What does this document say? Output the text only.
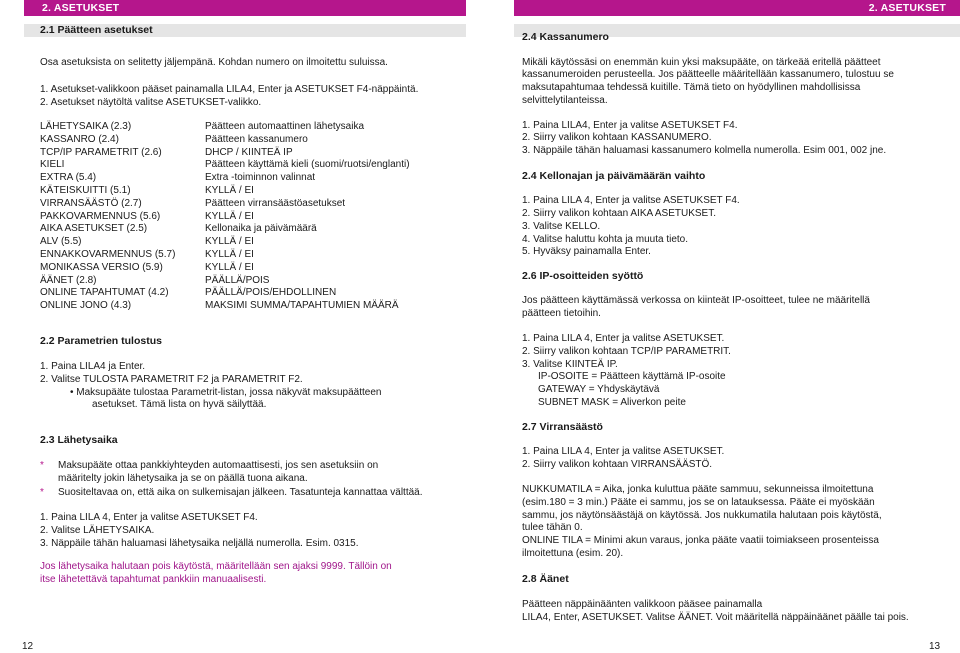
2. ASETUKSET
2.1 Päätteen asetukset
Osa asetuksista on selitetty jäljempänä. Kohdan numero on ilmoitettu suluissa.
1. Asetukset-valikkoon pääset painamalla LILA4, Enter ja ASETUKSET F4-näppäintä.
2. Asetukset näytöltä valitse ASETUKSET-valikko.
LÄHETYSAIKA (2.3)	Päätteen automaattinen lähetysaika
KASSANRO (2.4)	Päätteen kassanumero
TCP/IP PARAMETRIT (2.6)	DHCP / KIINTEÄ IP
KIELI	Päätteen käyttämä kieli (suomi/ruotsi/englanti)
EXTRA (5.4)	Extra -toiminnon valinnat
KÄTEISKUITTI (5.1)	KYLLÄ / EI
VIRRANSÄÄSTÖ (2.7)	Päätteen virransäästöasetukset
PAKKOVARMENNUS (5.6)	KYLLÄ / EI
AIKA ASETUKSET (2.5)	Kellonaika ja päivämäärä
ALV (5.5)	KYLLÄ / EI
ENNAKKOVARMENNUS (5.7)	KYLLÄ / EI
MONIKASSA VERSIO (5.9)	KYLLÄ / EI
ÄÄNET (2.8)	PÄÄLLÄ/POIS
ONLINE TAPAHTUMAT (4.2)	PÄÄLLÄ/POIS/EHDOLLINEN
ONLINE JONO (4.3)	MAKSIMI SUMMA/TAPAHTUMIEN MÄÄRÄ
2.2 Parametrien tulostus
1. Paina LILA4 ja Enter.
2. Valitse TULOSTA PARAMETRIT F2 ja PARAMETRIT F2.
• Maksupääte tulostaa Parametrit-listan, jossa näkyvät maksupäätteen
asetukset. Tämä lista on hyvä säilyttää.
2.3 Lähetysaika
* Maksupääte ottaa pankkiyhteyden automaattisesti, jos sen asetuksiin on
määritelty jokin lähetysaika ja se on päällä tuona aikana.
* Suositeltavaa on, että aika on sulkemisajan jälkeen. Tasatunteja kannattaa välttää.
1. Paina LILA 4, Enter ja valitse ASETUKSET F4.
2. Valitse LÄHETYSAIKA.
3. Näppäile tähän haluamasi lähetysaika neljällä numerolla. Esim. 0315.
Jos lähetysaika halutaan pois käytöstä, määritellään sen ajaksi 9999. Tällöin on
itse lähetettävä tapahtumat pankkiin manuaalisesti.
12
2. ASETUKSET
2.4 Kassanumero
Mikäli käytössäsi on enemmän kuin yksi maksupääte, on tärkeää eritellä päätteet
kassanumeroiden perusteella. Jos päätteelle määritellään kassanumero, tulostuu se
maksutapahtumaa tehdessä kuitille. Tämä tieto on hyödyllinen mahdollisissa
selvittelytilanteissa.
1. Paina LILA4, Enter ja valitse ASETUKSET F4.
2. Siirry valikon kohtaan KASSANUMERO.
3. Näppäile tähän haluamasi kassanumero kolmella numerolla. Esim 001, 002 jne.
2.4 Kellonajan ja päivämäärän vaihto
1. Paina LILA 4, Enter ja valitse ASETUKSET F4.
2. Siirry valikon kohtaan AIKA ASETUKSET.
3. Valitse KELLO.
4. Valitse haluttu kohta ja muuta tieto.
5. Hyväksy painamalla Enter.
2.6 IP-osoitteiden syöttö
Jos päätteen käyttämässä verkossa on kiinteät IP-osoitteet, tulee ne määritellä
päätteen tietoihin.
1. Paina LILA 4, Enter ja valitse ASETUKSET.
2. Siirry valikon kohtaan TCP/IP PARAMETRIT.
3. Valitse KIINTEÄ IP.
IP-OSOITE = Päätteen käyttämä IP-osoite
GATEWAY = Yhdyskäytävä
SUBNET MASK = Aliverkon peite
2.7 Virransäästö
1. Paina LILA 4, Enter ja valitse ASETUKSET.
2. Siirry valikon kohtaan VIRRANSÄÄSTÖ.
NUKKUMATILA = Aika, jonka kuluttua pääte sammuu, sekunneissa ilmoitettuna
(esim.180 = 3 min.) Pääte ei sammu, jos se on latauksessa. Pääte ei myöskään
sammu, jos näytönsäästäjä on käytössä. Jos nukkumatila halutaan pois käytöstä,
tulee tähän 0.
ONLINE TILA = Minimi akun varaus, jonka pääte vaatii toimiakseen prosenteissa
ilmoitettuna (esim. 20).
2.8 Äänet
Päätteen näppäinäänten valikkoon pääsee painamalla
LILA4, Enter, ASETUKSET. Valitse ÄÄNET. Voit määritellä näppäinäänet päälle tai pois.
13
